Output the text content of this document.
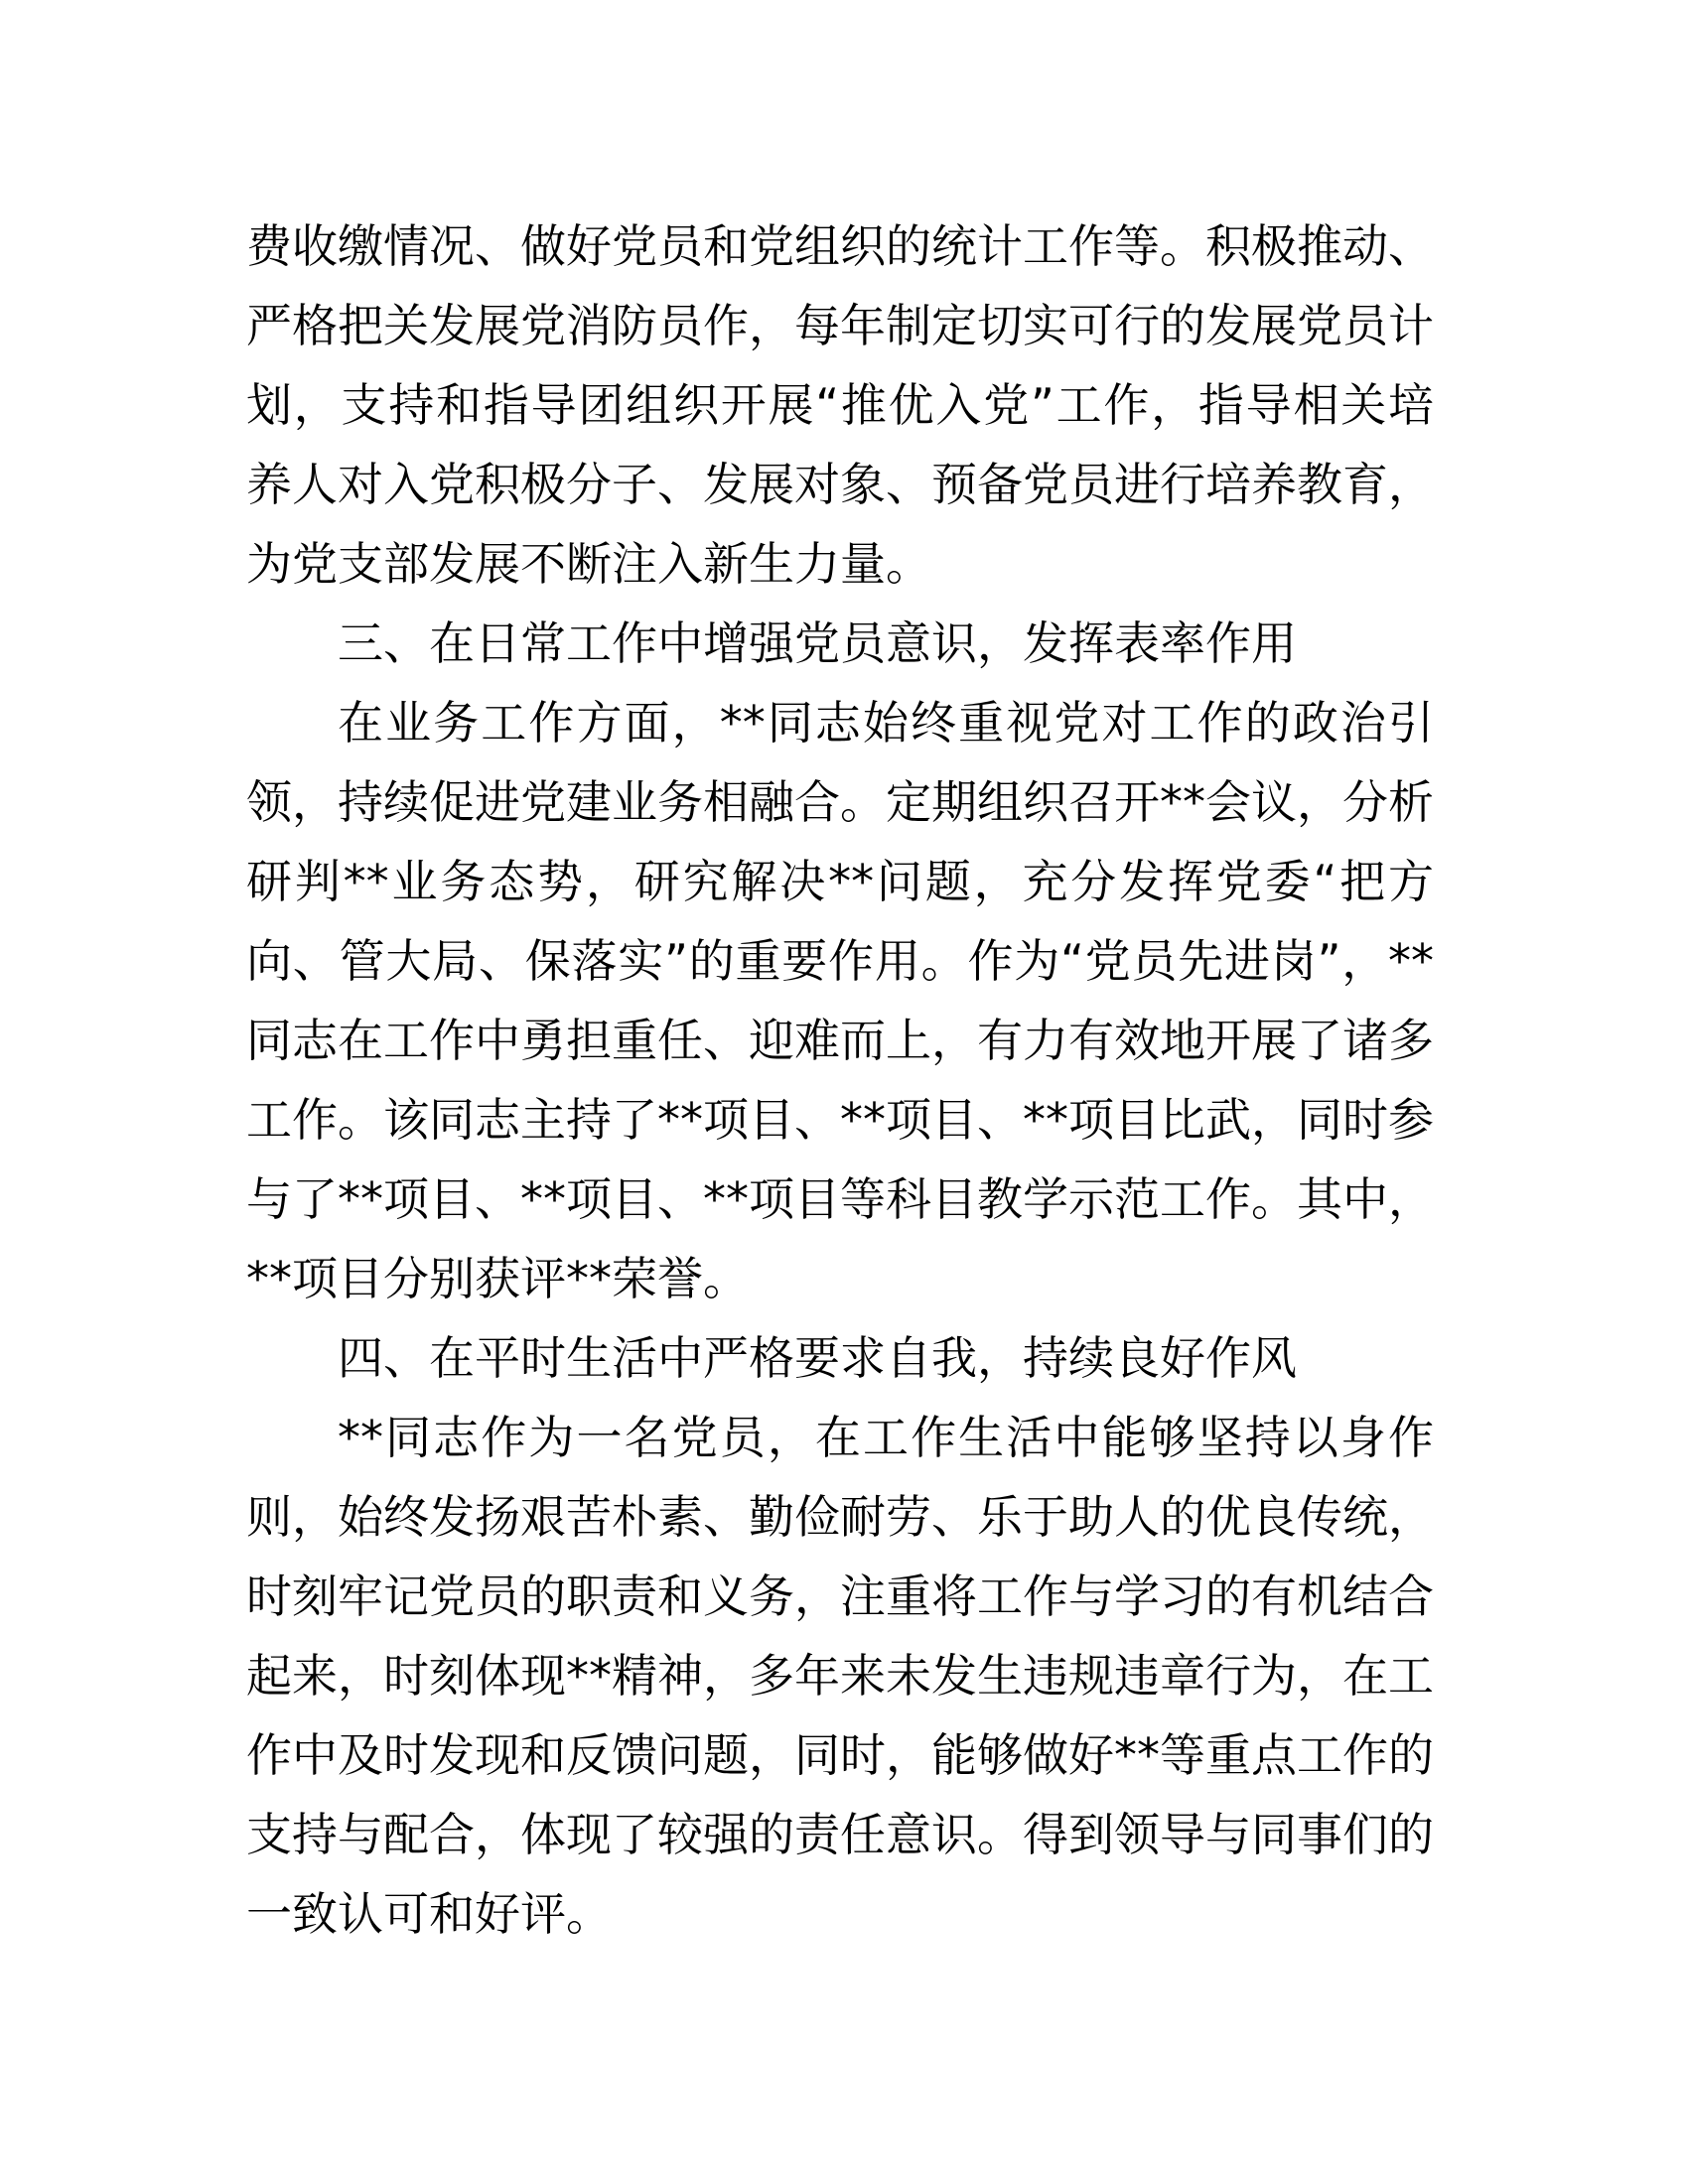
费收缴情况、做好党员和党组织的统计工作等。积极推动、严格把关发展党消防员作，每年制定切实可行的发展党员计划，支持和指导团组织开展“推优入党”工作，指导相关培养人对入党积极分子、发展对象、预备党员进行培养教育，为党支部发展不断注入新生力量。

三、在日常工作中增强党员意识，发挥表率作用

在业务工作方面，**同志始终重视党对工作的政治引领，持续促进党建业务相融合。定期组织召开**会议，分析研判**业务态势，研究解决**问题，充分发挥党委“把方向、管大局、保落实”的重要作用。作为“党员先进岗”，**同志在工作中勇担重任、迎难而上，有力有效地开展了诸多工作。该同志主持了**项目、**项目、**项目比武，同时参与了**项目、**项目、**项目等科目教学示范工作。其中，**项目分别获评**荣誉。

四、在平时生活中严格要求自我，持续良好作风

**同志作为一名党员，在工作生活中能够坚持以身作则，始终发扬艰苦朴素、勤俭耐劳、乐于助人的优良传统，时刻牢记党员的职责和义务，注重将工作与学习的有机结合起来，时刻体现**精神，多年来未发生违规违章行为，在工作中及时发现和反馈问题，同时，能够做好**等重点工作的支持与配合，体现了较强的责任意识。得到领导与同事们的一致认可和好评。
